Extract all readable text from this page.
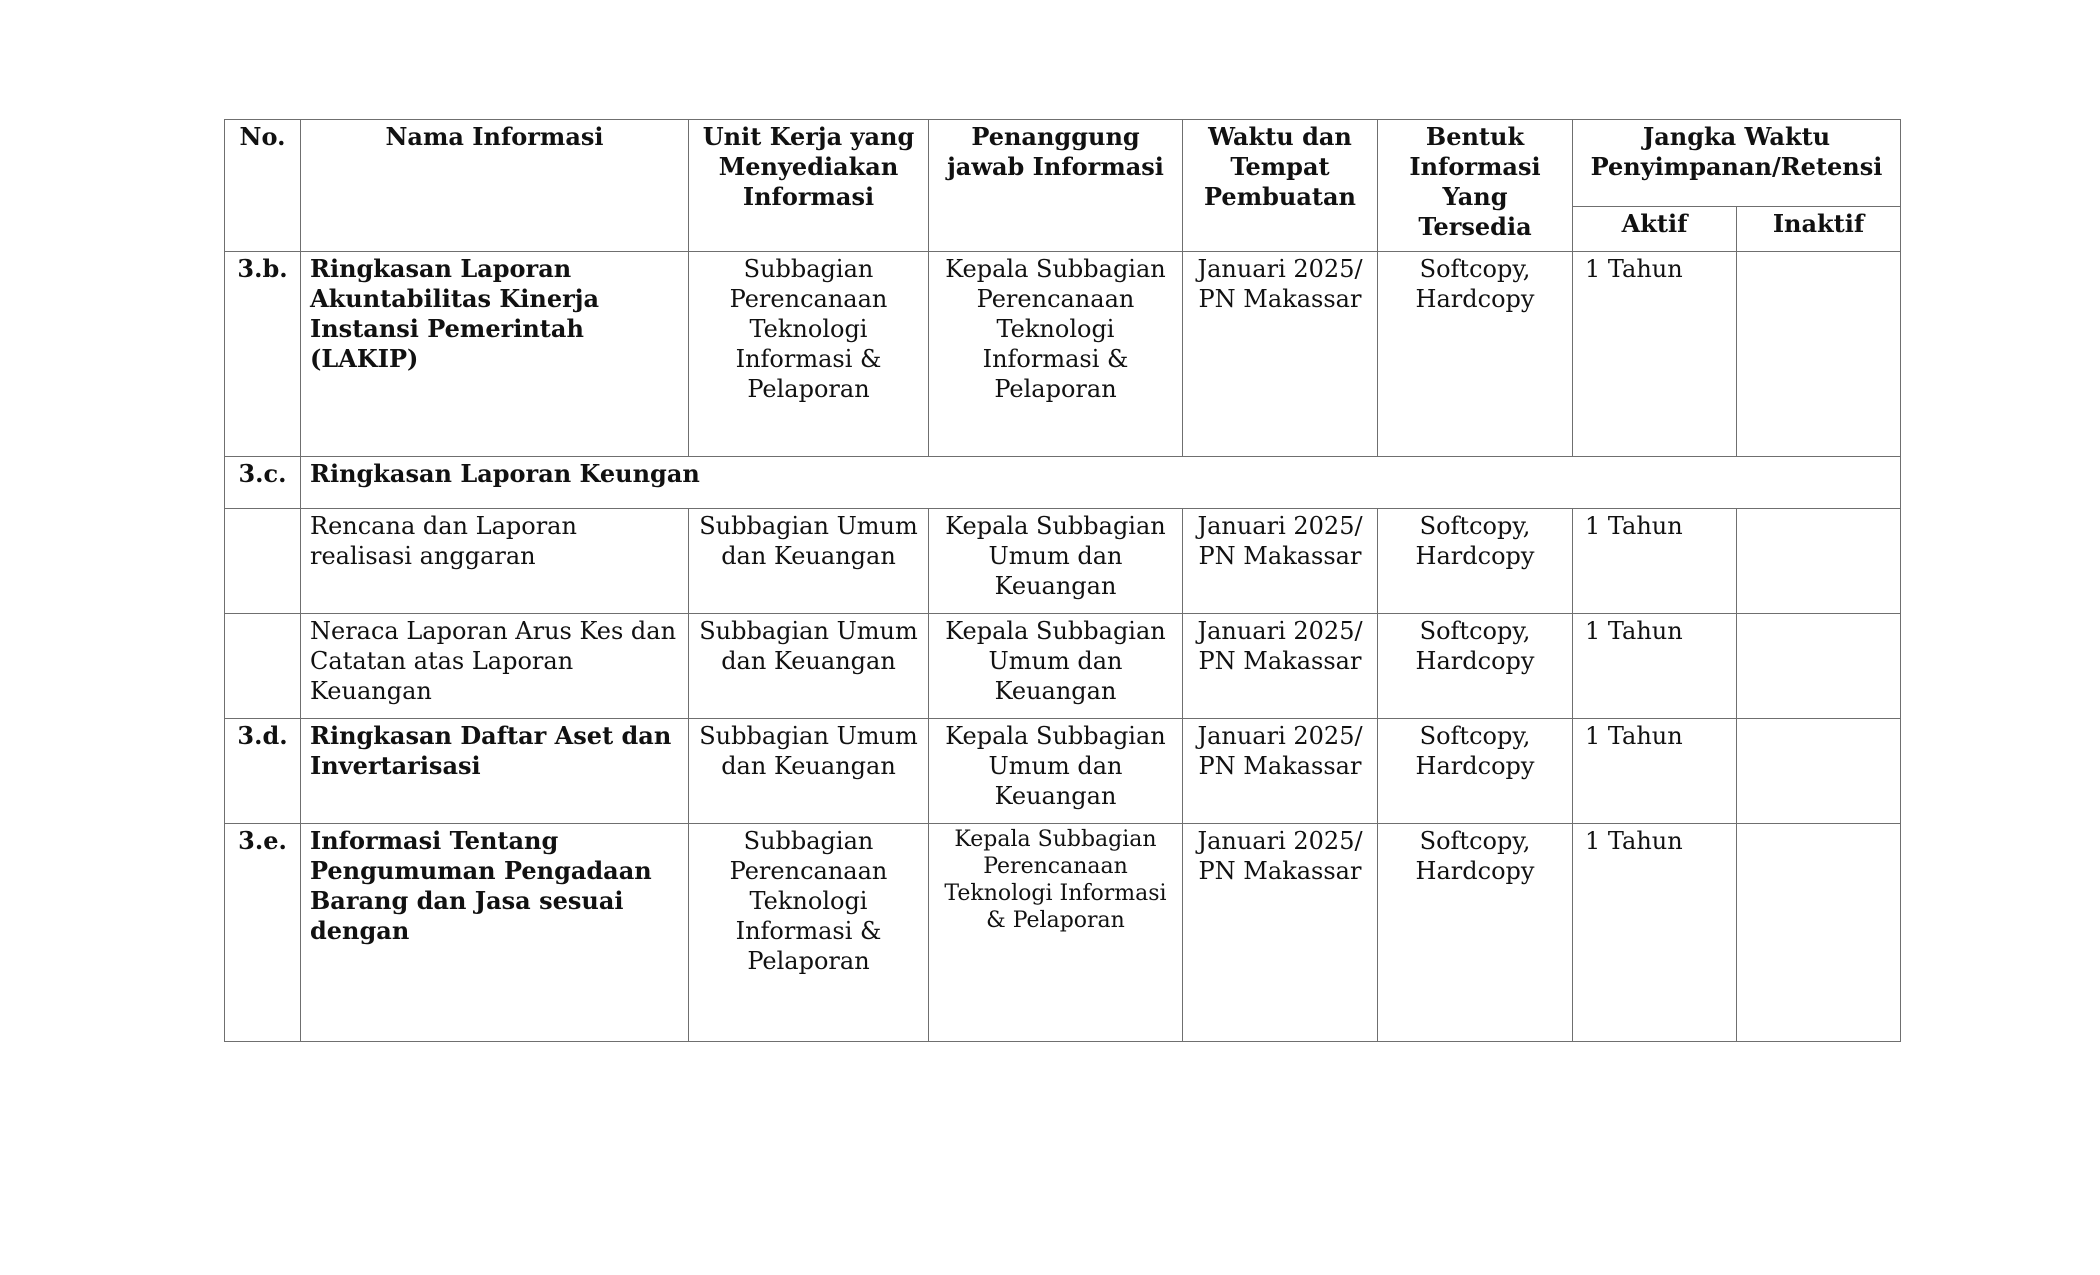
No.	Nama Informasi	Unit Kerja yang Menyediakan Informasi	Penanggung jawab Informasi	Waktu dan Tempat Pembuatan	Bentuk Informasi Yang Tersedia	Jangka Waktu Penyimpanan/Retensi	
						Aktif	Inaktif
3.b.	Ringkasan Laporan Akuntabilitas Kinerja Instansi Pemerintah (LAKIP)	Subbagian Perencanaan Teknologi Informasi & Pelaporan	Kepala Subbagian Perencanaan Teknologi Informasi & Pelaporan	Januari 2025/ PN Makassar	Softcopy, Hardcopy	1 Tahun	
3.c.	Ringkasan Laporan Keungan						
	Rencana dan Laporan realisasi anggaran	Subbagian Umum dan Keuangan	Kepala Subbagian Umum dan Keuangan	Januari 2025/ PN Makassar	Softcopy, Hardcopy	1 Tahun	
	Neraca Laporan Arus Kes dan Catatan atas Laporan Keuangan	Subbagian Umum dan Keuangan	Kepala Subbagian Umum dan Keuangan	Januari 2025/ PN Makassar	Softcopy, Hardcopy	1 Tahun	
3.d.	Ringkasan Daftar Aset dan Invertarisasi	Subbagian Umum dan Keuangan	Kepala Subbagian Umum dan Keuangan	Januari 2025/ PN Makassar	Softcopy, Hardcopy	1 Tahun	
3.e.	Informasi Tentang Pengumuman Pengadaan Barang dan Jasa sesuai dengan	Subbagian Perencanaan Teknologi Informasi & Pelaporan	Kepala Subbagian Perencanaan Teknologi Informasi & Pelaporan	Januari 2025/ PN Makassar	Softcopy, Hardcopy	1 Tahun	
